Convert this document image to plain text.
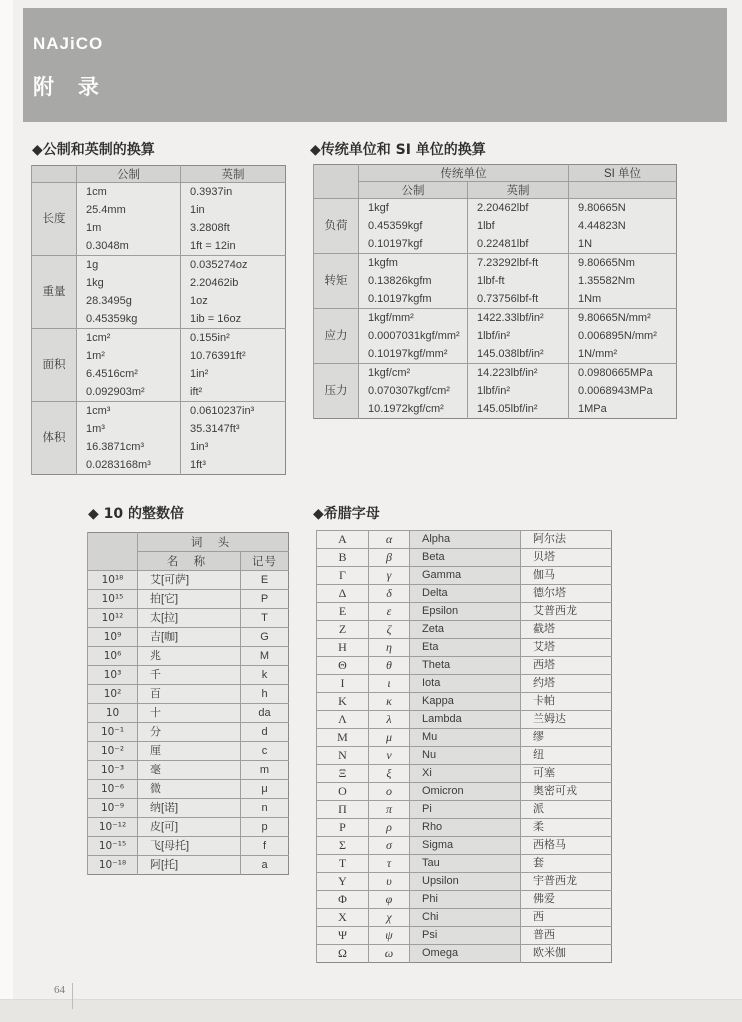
NAJiCO
附 录
◆公制和英制的换算
	公制	英制
长度	1cm	0.3937in
	25.4mm	1in
	1m	3.2808ft
	0.3048m	1ft = 12in
重量	1g	0.035274oz
	1kg	2.20462ib
	28.3495g	1oz
	0.45359kg	1ib = 16oz
面积	1cm²	0.155in²
	1m²	10.76391ft²
	6.4516cm²	1in²
	0.092903m²	ift²
体积	1cm³	0.0610237in³
	1m³	35.3147ft³
	16.3871cm³	1in³
	0.0283168m³	1ft³
◆传统单位和 SI 单位的换算
	传统单位		SI 单位
	公制	英制	
负荷	1kgf	2.20462lbf	9.80665N
	0.45359kgf	1lbf	4.44823N
	0.10197kgf	0.22481lbf	1N
转矩	1kgfm	7.23292lbf-ft	9.80665Nm
	0.13826kgfm	1lbf-ft	1.35582Nm
	0.10197kgfm	0.73756lbf-ft	1Nm
应力	1kgf/mm²	1422.33lbf/in²	9.80665N/mm²
	0.0007031kgf/mm²	1lbf/in²	0.006895N/mm²
	0.10197kgf/mm²	145.038lbf/in²	1N/mm²
压力	1kgf/cm²	14.223lbf/in²	0.0980665MPa
	0.070307kgf/cm²	1lbf/in²	0.0068943MPa
	10.1972kgf/cm²	145.05lbf/in²	1MPa
◆ 10 的整数倍
	词 头	
	名 称	记号
10¹⁸	艾[可萨]	E
10¹⁵	拍[它]	P
10¹²	太[拉]	T
10⁹	吉[咖]	G
10⁶	兆	M
10³	千	k
10²	百	h
10	十	da
10⁻¹	分	d
10⁻²	厘	c
10⁻³	毫	m
10⁻⁶	微	μ
10⁻⁹	纳[诺]	n
10⁻¹²	皮[可]	p
10⁻¹⁵	飞[母托]	f
10⁻¹⁸	阿[托]	a
◆希腊字母
A	α	Alpha	阿尔法
B	β	Beta	贝塔
Γ	γ	Gamma	伽马
Δ	δ	Delta	德尔塔
E	ε	Epsilon	艾普西龙
Z	ζ	Zeta	截塔
H	η	Eta	艾塔
Θ	θ	Theta	西塔
I	ι	Iota	约塔
K	κ	Kappa	卡帕
Λ	λ	Lambda	兰姆达
M	μ	Mu	缪
N	ν	Nu	纽
Ξ	ξ	Xi	可塞
O	ο	Omicron	奥密可戎
Π	π	Pi	派
P	ρ	Rho	柔
Σ	σ	Sigma	西格马
T	τ	Tau	套
Y	υ	Upsilon	宇普西龙
Φ	φ	Phi	佛爱
X	χ	Chi	西
Ψ	ψ	Psi	普西
Ω	ω	Omega	欧米伽
64
